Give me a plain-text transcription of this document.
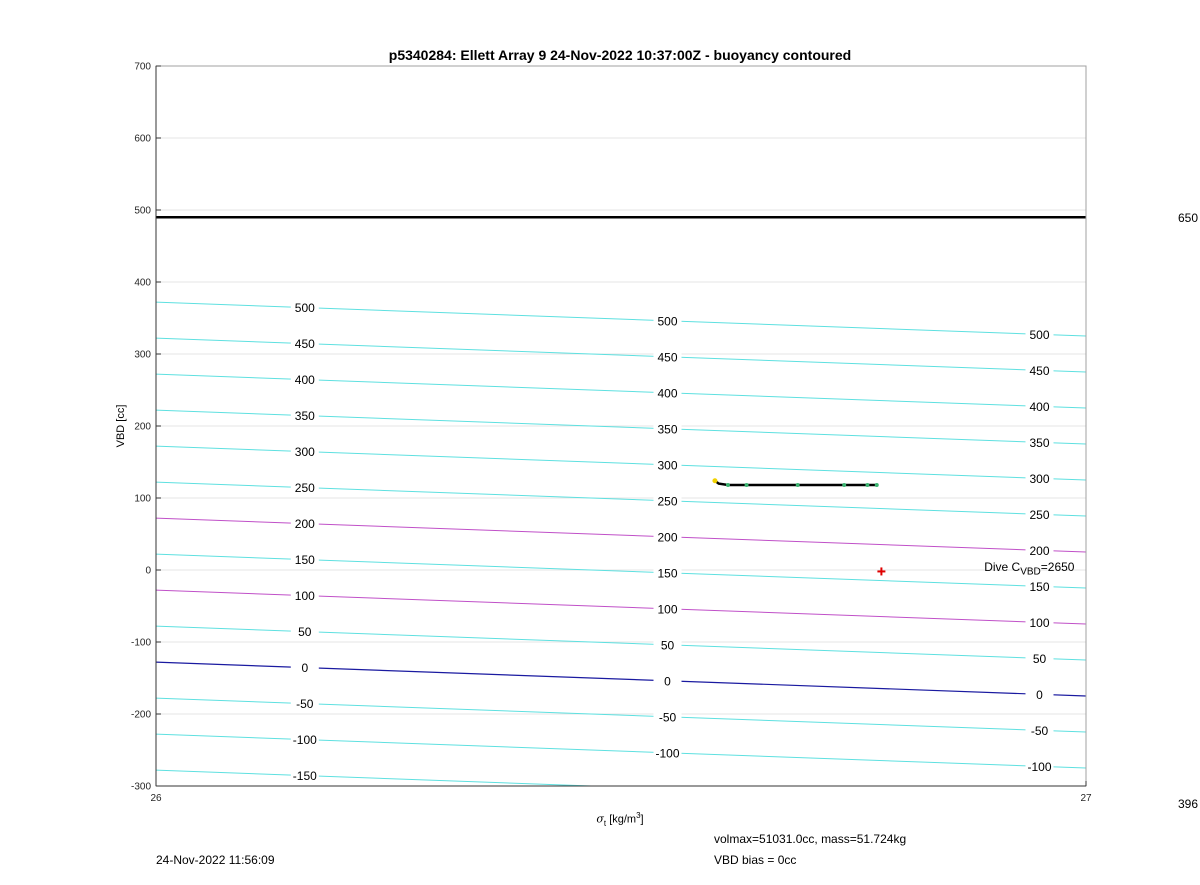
700
600
500
400
300
200
100
0
-100
-200
-300
26	27
500
500
500
450
450
450
400
400
400
350
350
350
300
300
300
250
250
250
200
200
200
150
150
150
100
100
100
50
50
50
0
0
0
-50
-50
-50
-100
-100
-100
-150
p5340284: Ellett Array 9 24-Nov-2022 10:37:00Z - buoyancy contoured
VBD [cc]
$\sigma_t$ $[kg/m^3]$
Dive $C_{VBD}=2650$
650
396
24-Nov-2022 11:56:09
volmax=51031.0cc, mass=51.724kg
VBD bias = 0cc
